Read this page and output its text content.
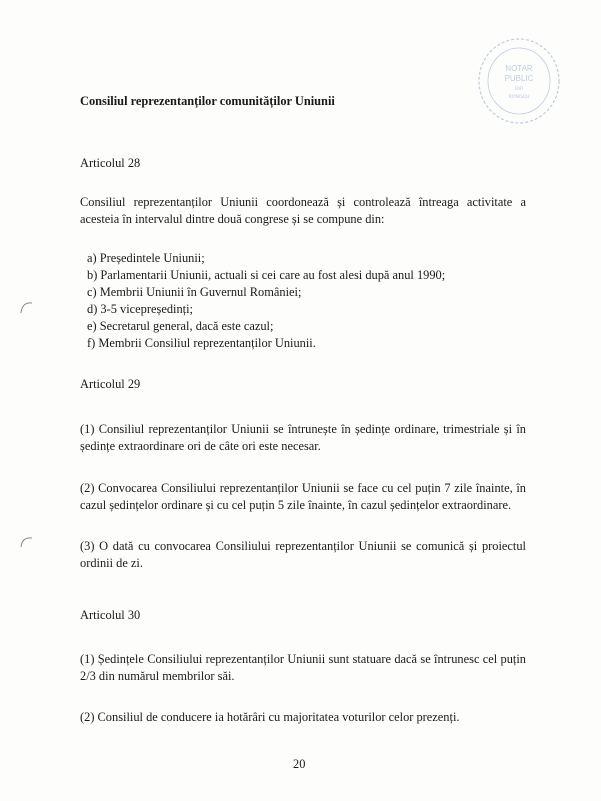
NOTAR
PUBLIC
Ion
Ionescu
Consiliul reprezentanților comunităților Uniunii
Articolul 28
Consiliul reprezentanților Uniunii coordonează și controlează întreaga activitate a acesteia în intervalul dintre două congrese și se compune din:
a) Președintele Uniunii;
b) Parlamentarii Uniunii, actuali si cei care au fost alesi după anul 1990;
c) Membrii Uniunii în Guvernul României;
d) 3-5 vicepreședinți;
e) Secretarul general, dacă este cazul;
f) Membrii Consiliul reprezentanților Uniunii.
Articolul 29
(1) Consiliul reprezentanților Uniunii se întrunește în ședințe ordinare, trimestriale și în ședințe extraordinare ori de câte ori este necesar.
(2) Convocarea Consiliului reprezentanților Uniunii se face cu cel puțin 7 zile înainte, în cazul ședințelor ordinare și cu cel puțin 5 zile înainte, în cazul ședințelor extraordinare.
(3) O dată cu convocarea Consiliului reprezentanților Uniunii se comunică și proiectul ordinii de zi.
Articolul 30
(1) Ședințele Consiliului reprezentanților Uniunii sunt statuare dacă se întrunesc cel puțin 2/3 din numărul membrilor săi.
(2) Consiliul de conducere ia hotărâri cu majoritatea voturilor celor prezenți.
20
